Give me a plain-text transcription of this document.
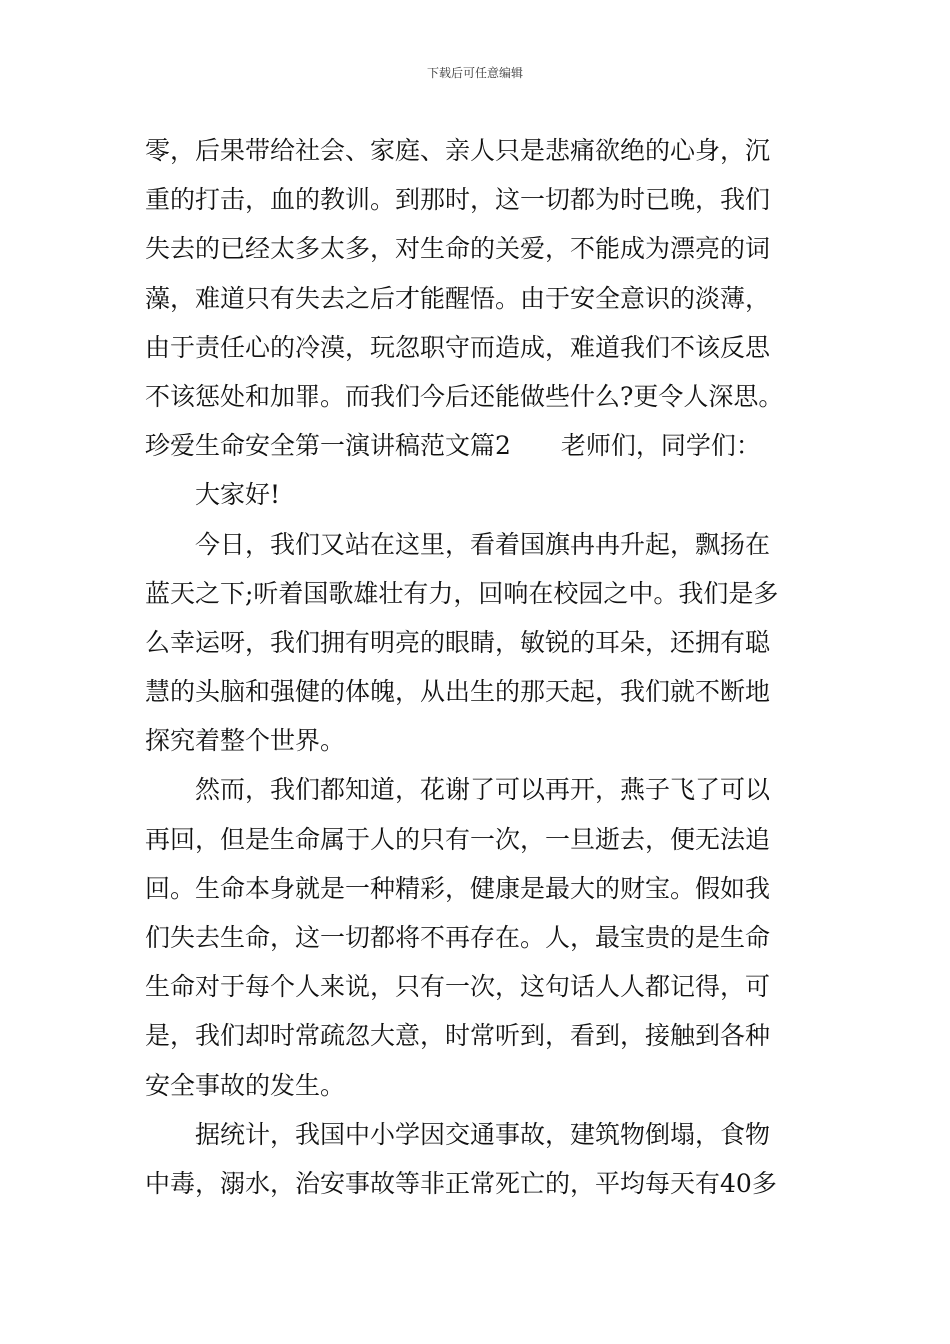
下载后可任意编辑
零，后果带给社会、家庭、亲人只是悲痛欲绝的心身，沉
重的打击，血的教训。到那时，这一切都为时已晚，我们
失去的已经太多太多，对生命的关爱，不能成为漂亮的词
藻，难道只有失去之后才能醒悟。由于安全意识的淡薄，
由于责任心的冷漠，玩忽职守而造成，难道我们不该反思
不该惩处和加罪。而我们今后还能做些什么?更令人深思。
珍爱生命安全第一演讲稿范文篇2 老师们，同学们：
大家好!
今日，我们又站在这里，看着国旗冉冉升起，飘扬在
蓝天之下;听着国歌雄壮有力，回响在校园之中。我们是多
么幸运呀，我们拥有明亮的眼睛，敏锐的耳朵，还拥有聪
慧的头脑和强健的体魄，从出生的那天起，我们就不断地
探究着整个世界。
然而，我们都知道，花谢了可以再开，燕子飞了可以
再回，但是生命属于人的只有一次，一旦逝去，便无法追
回。生命本身就是一种精彩，健康是最大的财宝。假如我
们失去生命，这一切都将不再存在。人，最宝贵的是生命
生命对于每个人来说，只有一次，这句话人人都记得，可
是，我们却时常疏忽大意，时常听到，看到，接触到各种
安全事故的发生。
据统计，我国中小学因交通事故，建筑物倒塌，食物
中毒，溺水，治安事故等非正常死亡的，平均每天有40多
